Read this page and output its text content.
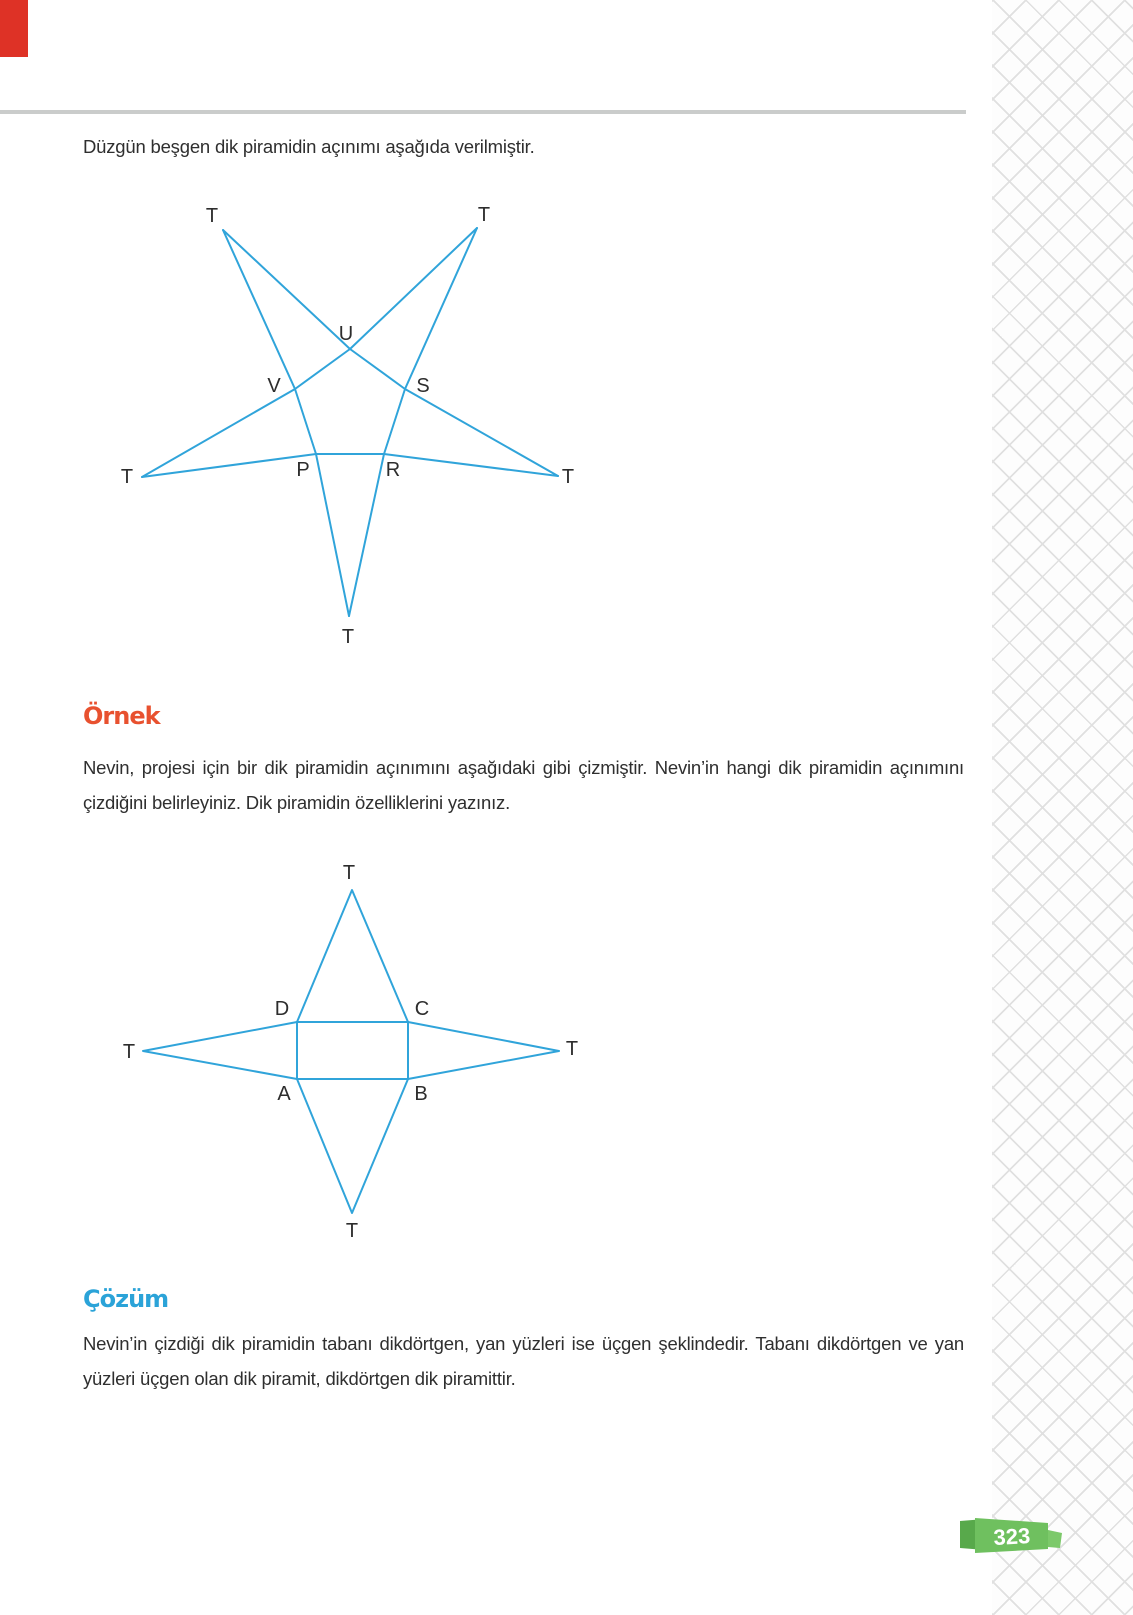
Düzgün beşgen dik piramidin açınımı aşağıda verilmiştir.

Örnek

Nevin, projesi için bir dik piramidin açınımını aşağıdaki gibi çizmiştir. Nevin’in hangi dik piramidin açınımını çizdiğini belirleyiniz. Dik piramidin özelliklerini yazınız.

Çözüm

Nevin’in çizdiği dik piramidin tabanı dikdörtgen, yan yüzleri ise üçgen şeklindedir. Tabanı dikdörtgen ve yan yüzleri üçgen olan dik piramit, dikdörtgen dik piramittir.

T	T
T	T
T
U
V	S
P	R
T
T
T	T
D	C
A	B
323
